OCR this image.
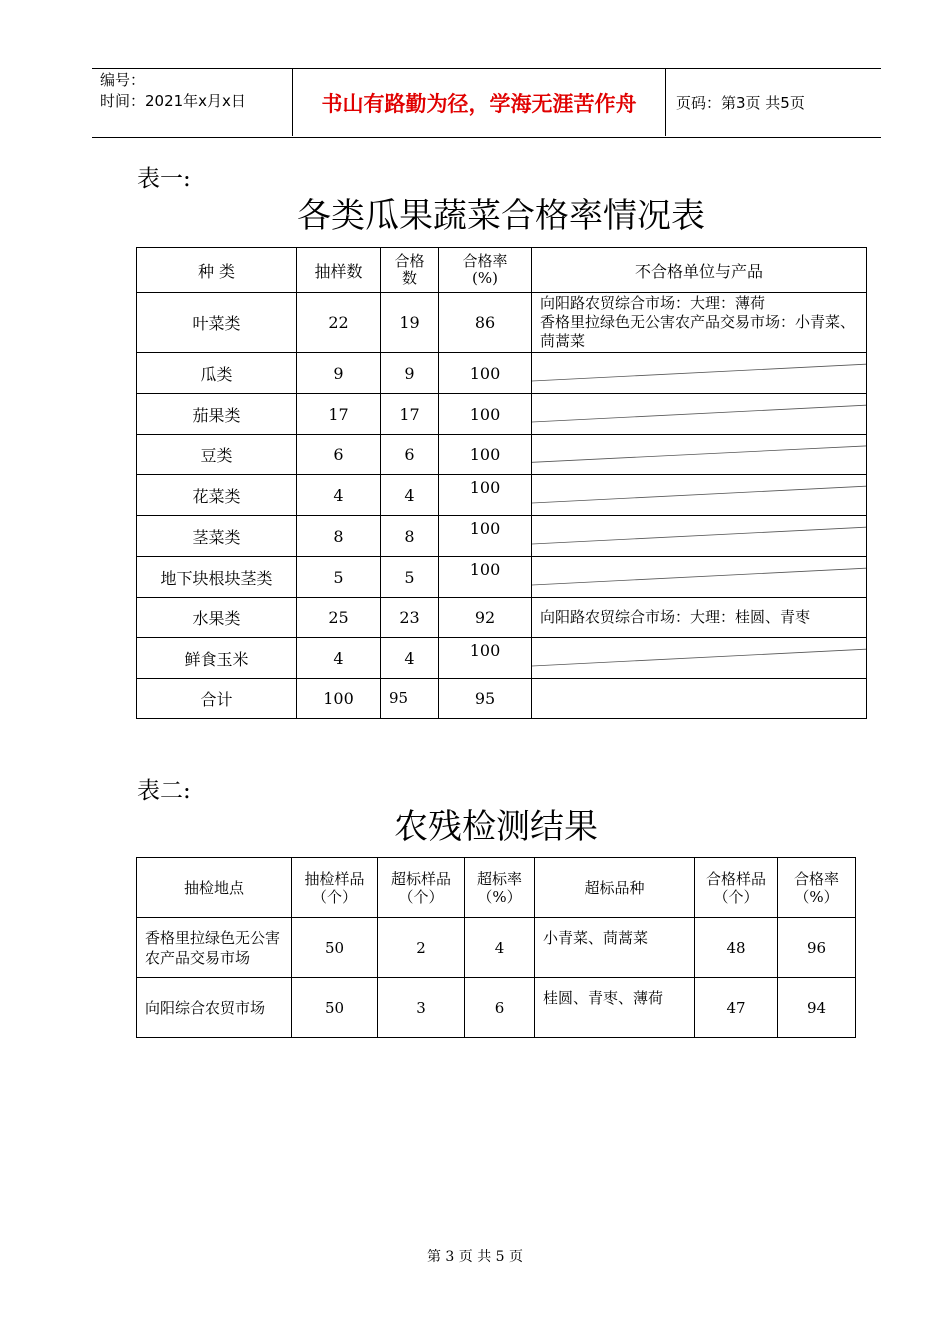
编号：
时间：2021年x月x日	书山有路勤为径，学海无涯苦作舟	页码：第3页 共5页
表一:
各类瓜果蔬菜合格率情况表
种 类	抽样数	合格数	合格率(%)	不合格单位与产品
叶菜类	22	19	86	向阳路农贸综合市场：大理：薄荷
香格里拉绿色无公害农产品交易市场：小青菜、茼蒿菜
瓜类	9	9	100	

茄果类	17	17	100	

豆类	6	6	100	

花菜类	4	4	100	

茎菜类	8	8	100	

地下块根块茎类	5	5	100	

水果类	25	23	92	向阳路农贸综合市场：大理：桂圆、青枣
鲜食玉米	4	4	100	

合计	100	95	95	
表二:
农残检测结果
抽检地点	抽检样品（个）	超标样品（个）	超标率（%）	超标品种	合格样品（个）	合格率（%）
香格里拉绿色无公害农产品交易市场	50	2	4	小青菜、茼蒿菜	48	96
向阳综合农贸市场	50	3	6	桂圆、青枣、薄荷	47	94
第 3 页 共 5 页
